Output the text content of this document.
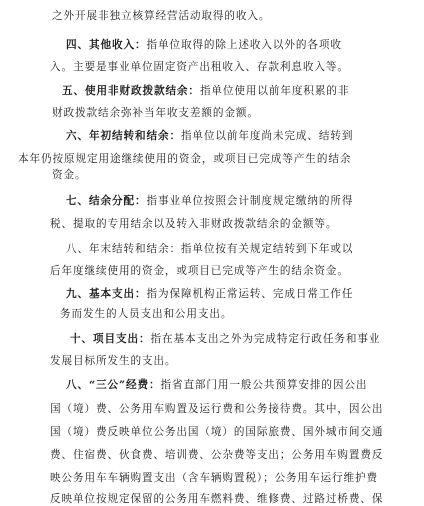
之外开展非独立核算经营活动取得的收入。
四、其他收入：指单位取得的除上述收入以外的各项收
入。主要是事业单位固定资产出租收入、存款利息收入等。
五、使用非财政拨款结余：指单位使用以前年度积累的非
财政拨款结余弥补当年收支差额的金额。
六、年初结转和结余：指单位以前年度尚未完成、结转到
本年仍按原规定用途继续使用的资金，或项目已完成等产生的结余
资金。
七、结余分配：指事业单位按照会计制度规定缴纳的所得
税、提取的专用结余以及转入非财政拨款结余的金额等。
八、年末结转和结余：指单位按有关规定结转到下年或以
后年度继续使用的资金，或项目已完成等产生的结余资金。
九、基本支出：指为保障机构正常运转、完成日常工作任
务而发生的人员支出和公用支出。
十、项目支出：指在基本支出之外为完成特定行政任务和事业
发展目标所发生的支出。
八、“三公”经费：指省直部门用一般公共预算安排的因公出
国（境）费、公务用车购置及运行费和公务接待费。其中，因公出
国（境）费反映单位公务出国（境）的国际旅费、国外城市间交通
费、住宿费、伙食费、培训费、公杂费等支出；公务用车购置费反
映公务用车车辆购置支出（含车辆购置税）；公务用车运行维护费
反映单位按规定保留的公务用车燃料费、维修费、过路过桥费、保
